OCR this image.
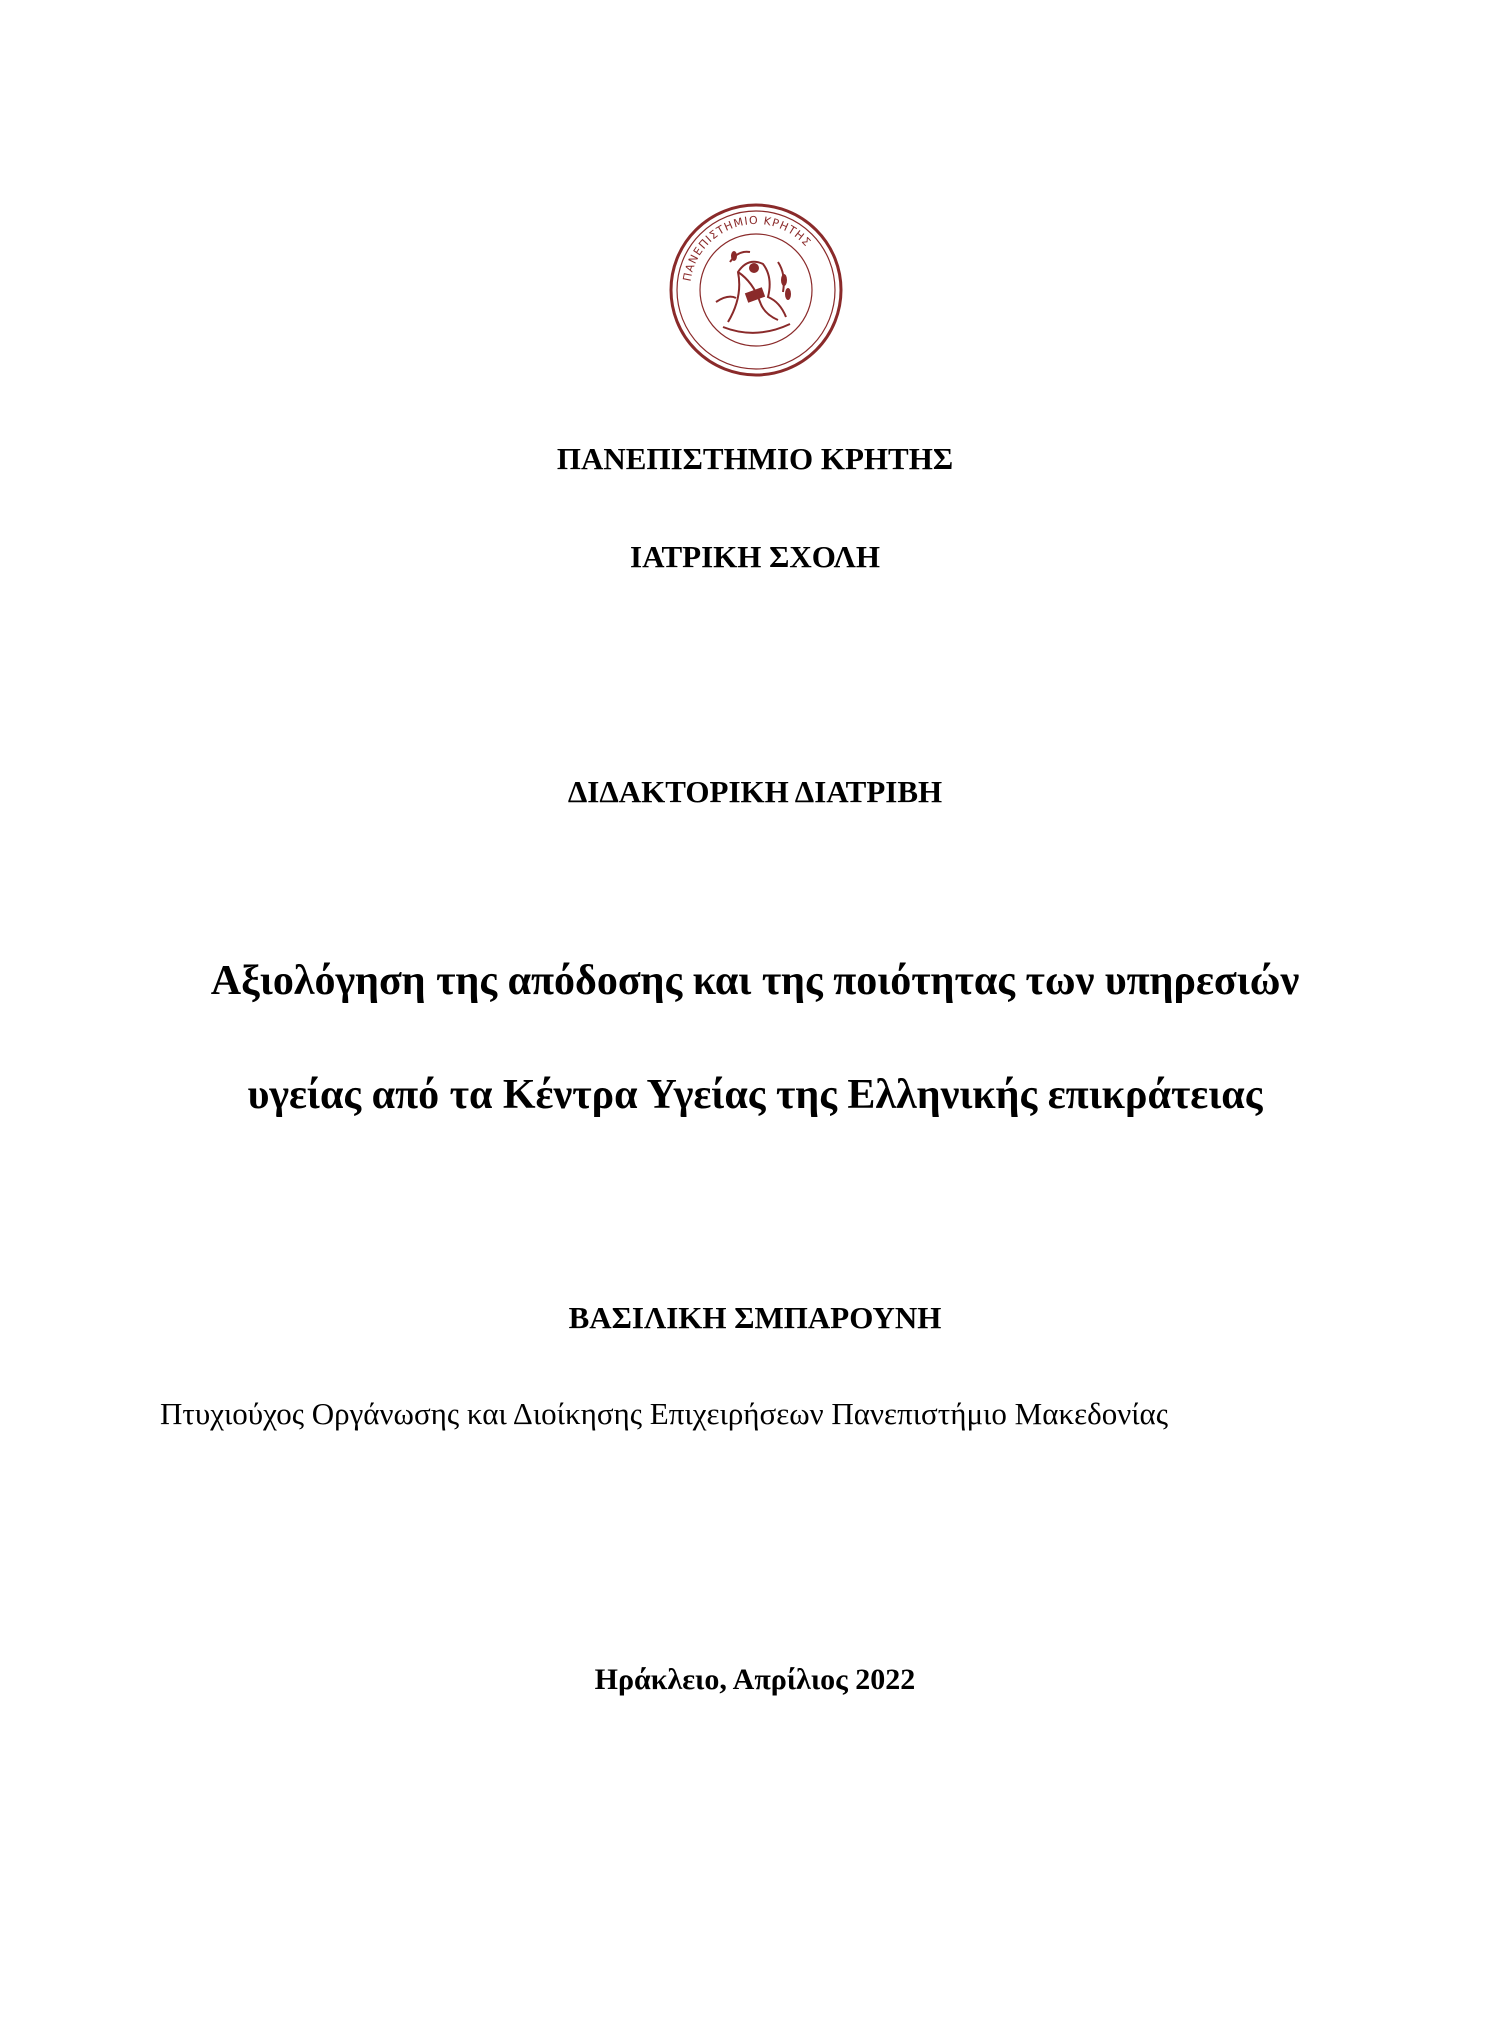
ΠΑΝΕΠΙΣΤΗΜΙΟ ΚΡΗΤΗΣ
ΠΑΝΕΠΙΣΤΗΜΙΟ ΚΡΗΤΗΣ
ΙΑΤΡΙΚΗ ΣΧΟΛΗ
ΔΙΔΑΚΤΟΡΙΚΗ ΔΙΑΤΡΙΒΗ
Αξιολόγηση της απόδοσης και της ποιότητας των υπηρεσιών
υγείας από τα Κέντρα Υγείας της Ελληνικής επικράτειας
ΒΑΣΙΛΙΚΗ ΣΜΠΑΡΟΥΝΗ
Πτυχιούχος Οργάνωσης και Διοίκησης Επιχειρήσεων Πανεπιστήμιο Μακεδονίας
Ηράκλειο, Απρίλιος 2022
